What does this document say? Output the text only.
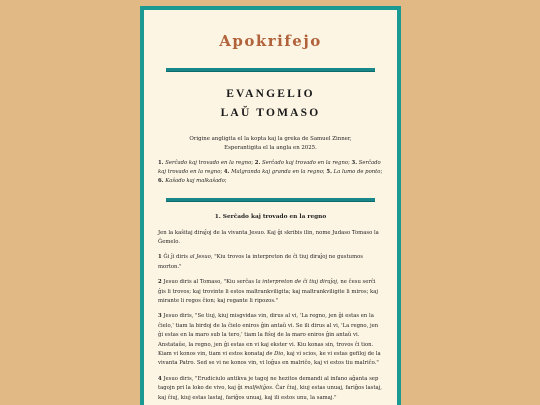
Apokrifejo
EVANGELIO
LAŬ TOMASO
Origine angligita el la kopta kaj la greka de Samuel Zinner,
Esperantigita el la angla en 2025.
1. Serĉado kaj trovado en la regno; 2. Serĉado kaj trovado en la regno; 3. Serĉado kaj trovado en la regno; 4. Malgranda kaj granda en la regno; 5. La lumo de ponto; 6. Kaŝado kaj malkaŝado;
1. Serĉado kaj trovado en la regno

Jen la kaŝitaj diraĵoj de la vivanta Jesuo. Kaj ĝi skribis ilin, nome Judaso Tomaso la Ĝemelo.

1 Ĝi ĵi diris al Jesuo, "Kiu trovos la interpreton de ĉi tiuj diraĵoj ne gustumos morton."

2 Jesuo diris al Tomaso, "Kiu serĉas la interpreton de ĉi tiuj diraĵoj, ne ĉesu serĉi ĝis li trovos; kaj trovinte li estos maltrankviligita; kaj maltrankviligite li miros; kaj mirante li regos ĉion; kaj regante li ripozos."

3 Jesuo diris, "Se tiuj, kiuj misgvidas vin, dirus al vi, 'La regno, jen ĝi estas en la ĉielo,' tiam la birdoj de la ĉielo eniros ĝin antaŭ vi. Se ili dirus al vi, 'La regno, jen ĝi estas en la maro sub la tero,' tiam la fiŝoj de la maro eniros ĝin antaŭ vi. Anstataŭe, la regno, jen ĝi estas en vi kaj ekster vi. Kiu konas sin, trovos ĉi tion. Kiam vi konos vin, tiam vi estos konataj de Dio, kaj vi scios, ke vi estas gefiloj de la vivanta Patro. Sed se vi ne konos vin, vi loĝus en malriĉo, kaj vi estos tiu malriĉo."

4 Jesuo diris, "Erudiciulo antikva je tagoj ne hezitos demandi al infano aĝanta sep tagojn pri la loko de vivo, kaj ĝi malfeliĝos. Ĉar ĉiuj, kiuj estas unuaj, fariĝos lastaj, kaj ĉiuj, kiuj estas lastaj, fariĝos unuaj, kaj ili estos unu, la samaj."
